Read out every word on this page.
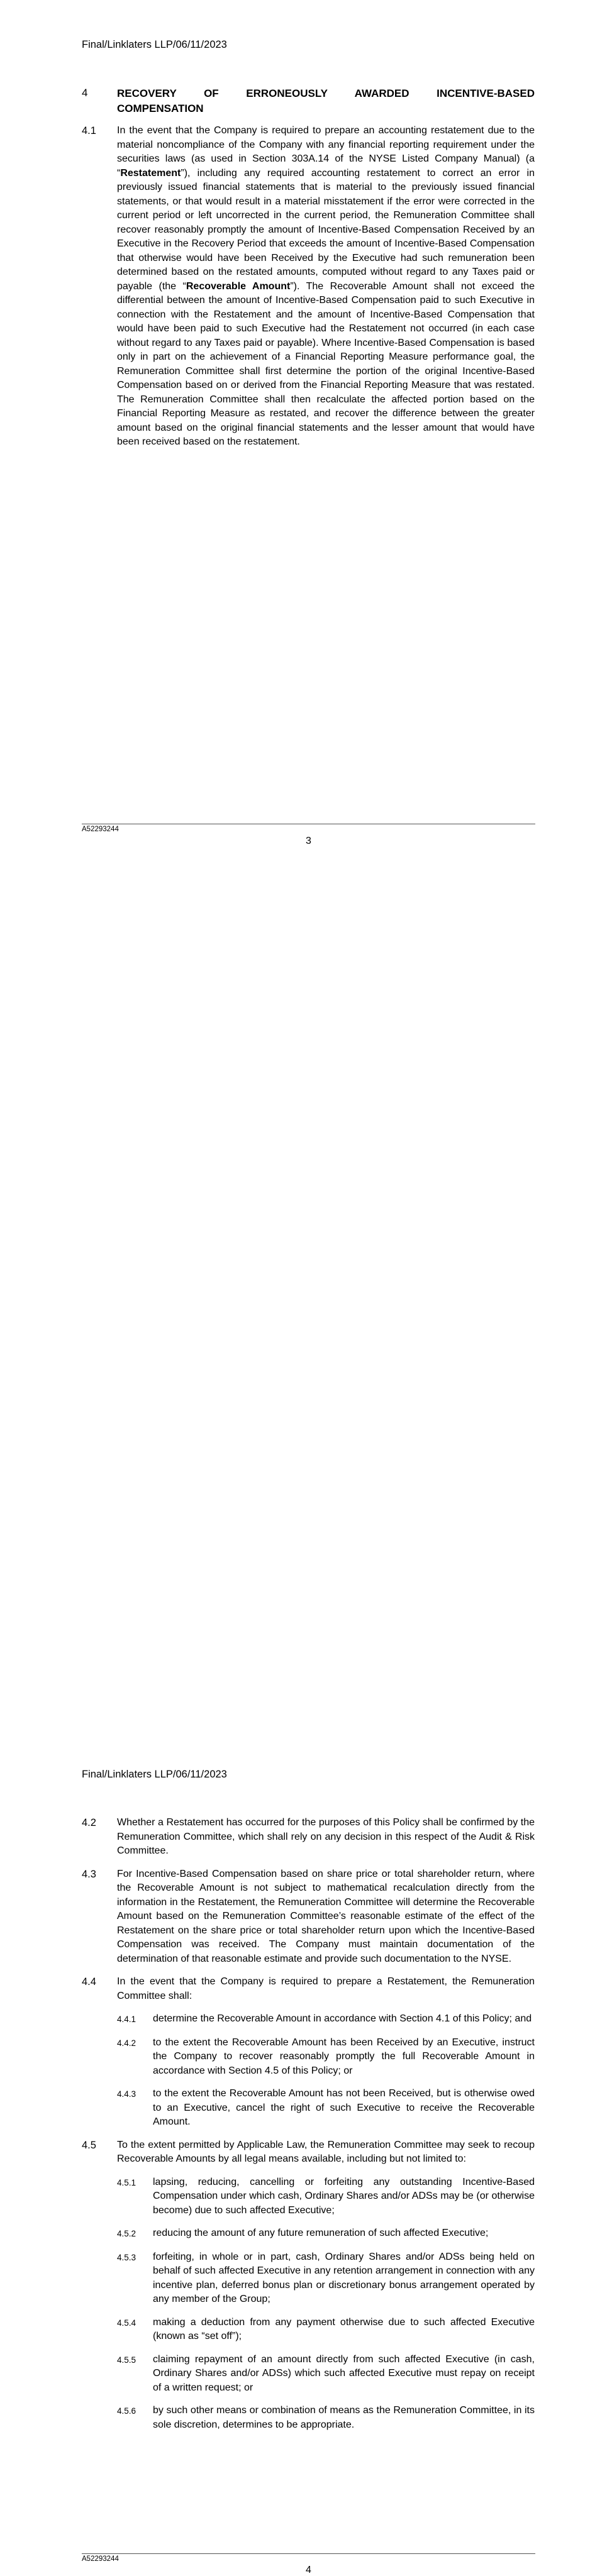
Final/Linklaters LLP/06/11/2023
4	RECOVERY OF ERRONEOUSLY AWARDED INCENTIVE-BASED
COMPENSATION
4.1	In the event that the Company is required to prepare an accounting restatement due to the material noncompliance of the Company with any financial reporting requirement under the securities laws (as used in Section 303A.14 of the NYSE Listed Company Manual) (a “Restatement”), including any required accounting restatement to correct an error in previously issued financial statements that is material to the previously issued financial statements, or that would result in a material misstatement if the error were corrected in the current period or left uncorrected in the current period, the Remuneration Committee shall recover reasonably promptly the amount of Incentive-Based Compensation Received by an Executive in the Recovery Period that exceeds the amount of Incentive-Based Compensation that otherwise would have been Received by the Executive had such remuneration been determined based on the restated amounts, computed without regard to any Taxes paid or payable (the “Recoverable Amount”). The Recoverable Amount shall not exceed the differential between the amount of Incentive-Based Compensation paid to such Executive in connection with the Restatement and the amount of Incentive-Based Compensation that would have been paid to such Executive had the Restatement not occurred (in each case without regard to any Taxes paid or payable). Where Incentive-Based Compensation is based only in part on the achievement of a Financial Reporting Measure performance goal, the Remuneration Committee shall first determine the portion of the original Incentive-Based Compensation based on or derived from the Financial Reporting Measure that was restated. The Remuneration Committee shall then recalculate the affected portion based on the Financial Reporting Measure as restated, and recover the difference between the greater amount based on the original financial statements and the lesser amount that would have been received based on the restatement.
A52293244
3
Final/Linklaters LLP/06/11/2023
4.2	Whether a Restatement has occurred for the purposes of this Policy shall be confirmed by the Remuneration Committee, which shall rely on any decision in this respect of the Audit & Risk Committee.
4.3	For Incentive-Based Compensation based on share price or total shareholder return, where the Recoverable Amount is not subject to mathematical recalculation directly from the information in the Restatement, the Remuneration Committee will determine the Recoverable Amount based on the Remuneration Committee’s reasonable estimate of the effect of the Restatement on the share price or total shareholder return upon which the Incentive-Based Compensation was received. The Company must maintain documentation of the determination of that reasonable estimate and provide such documentation to the NYSE.
4.4	In the event that the Company is required to prepare a Restatement, the Remuneration Committee shall:
4.4.1	determine the Recoverable Amount in accordance with Section 4.1 of this Policy; and
4.4.2	to the extent the Recoverable Amount has been Received by an Executive, instruct the Company to recover reasonably promptly the full Recoverable Amount in accordance with Section 4.5 of this Policy; or
4.4.3	to the extent the Recoverable Amount has not been Received, but is otherwise owed to an Executive, cancel the right of such Executive to receive the Recoverable Amount.
4.5	To the extent permitted by Applicable Law, the Remuneration Committee may seek to recoup Recoverable Amounts by all legal means available, including but not limited to:
4.5.1	lapsing, reducing, cancelling or forfeiting any outstanding Incentive-Based Compensation under which cash, Ordinary Shares and/or ADSs may be (or otherwise become) due to such affected Executive;
4.5.2	reducing the amount of any future remuneration of such affected Executive;
4.5.3	forfeiting, in whole or in part, cash, Ordinary Shares and/or ADSs being held on behalf of such affected Executive in any retention arrangement in connection with any incentive plan, deferred bonus plan or discretionary bonus arrangement operated by any member of the Group;
4.5.4	making a deduction from any payment otherwise due to such affected Executive (known as “set off”);
4.5.5	claiming repayment of an amount directly from such affected Executive (in cash, Ordinary Shares and/or ADSs) which such affected Executive must repay on receipt of a written request; or
4.5.6	by such other means or combination of means as the Remuneration Committee, in its sole discretion, determines to be appropriate.
A52293244
4
